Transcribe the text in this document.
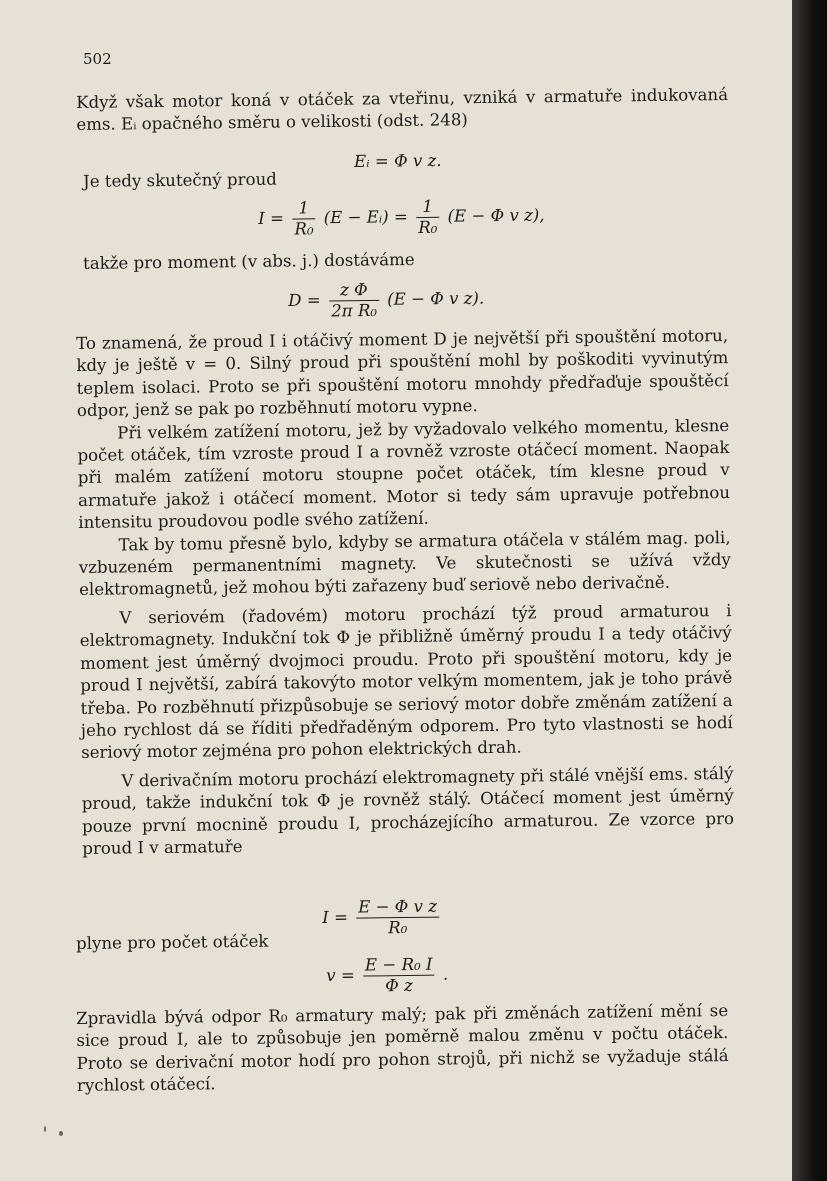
502

Když však motor koná v otáček za vteřinu, vzniká v armatuře indukovaná ems. Eᵢ opačného směru o velikosti (odst. 248)

Eᵢ = Φ v z.
Je tedy skutečný proud
$I = \frac{1}{\text{R₀}} (E$ − Eᵢ) = $\frac{1}{\text{R₀}} (E - \Phi$ v z),
takže pro moment (v abs. j.) dostáváme
$D = \frac{\text{z Φ}}{\text{2π R₀}} (E - \Phi$ v z).

To znamená, že proud I i otáčivý moment D je největší při spouštění motoru, kdy je ještě v = 0. Silný proud při spouštění mohl by poškoditi vyvinutým teplem isolaci. Proto se při spouštění motoru mnohdy předřaďuje spouštěcí odpor, jenž se pak po rozběhnutí motoru vypne.

Při velkém zatížení motoru, jež by vyžadovalo velkého momentu, klesne počet otáček, tím vzroste proud I a rovněž vzroste otáčecí moment. Naopak při malém zatížení motoru stoupne počet otáček, tím klesne proud v armatuře jakož i otáčecí moment. Motor si tedy sám upravuje potřebnou intensitu proudovou podle svého zatížení.

Tak by tomu přesně bylo, kdyby se armatura otáčela v stálém mag. poli, vzbuzeném permanentními magnety. Ve skutečnosti se užívá vždy elektromagnetů, jež mohou býti zařazeny buď seriově nebo derivačně.

V seriovém (řadovém) motoru prochází týž proud armaturou i elektromagnety. Indukční tok Φ je přibližně úměrný proudu I a tedy otáčivý moment jest úměrný dvojmoci proudu. Proto při spouštění motoru, kdy je proud I největší, zabírá takovýto motor velkým momentem, jak je toho právě třeba. Po rozběhnutí přizpůsobuje se seriový motor dobře změnám zatížení a jeho rychlost dá se říditi předřaděným odporem. Pro tyto vlastnosti se hodí seriový motor zejména pro pohon elektrických drah.

V derivačním motoru prochází elektromagnety při stálé vnější ems. stálý proud, takže indukční tok Φ je rovněž stálý. Otáčecí moment jest úměrný pouze první mocnině proudu I, procházejícího armaturou. Ze vzorce pro proud I v armatuře

$I = \frac{\text{E − Φ v z}}{\text{R₀}}$
plyne pro počet otáček
$v = \frac{\text{E − R₀ I}}{\text{Φ z}}$ .

Zpravidla bývá odpor R₀ armatury malý; pak při změnách zatížení mění se sice proud I, ale to způsobuje jen poměrně malou změnu v počtu otáček. Proto se derivační motor hodí pro pohon strojů, při nichž se vyžaduje stálá rychlost otáčecí.
